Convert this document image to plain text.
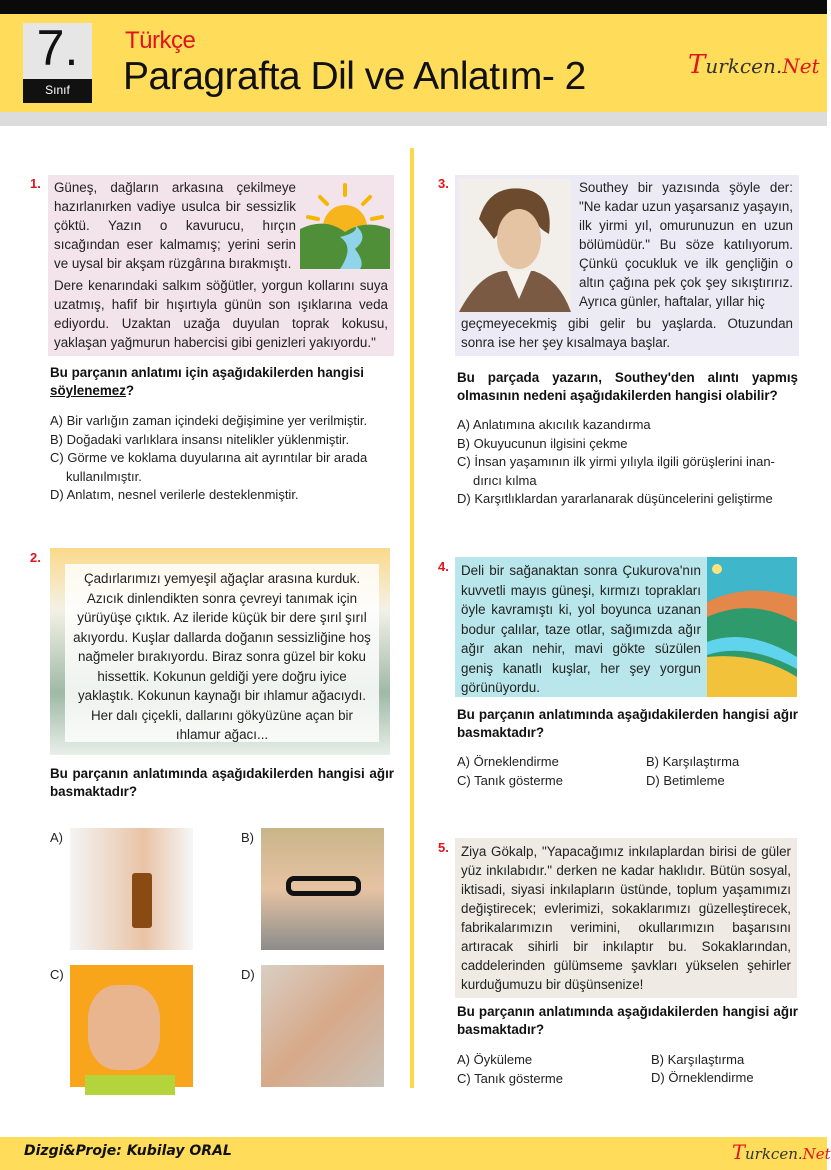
7.
Sınıf
Türkçe
Paragrafta Dil ve Anlatım- 2	Turkcen.Net
1. Güneş, dağların arkasına çekilmeye hazırlanırken vadiye usulca bir sessizlik çöktü. Yazın o kavurucu, hırçın sıcağından eser kalmamış; yerini serin ve uysal bir akşam rüzgârına bırakmıştı.
Dere kenarındaki salkım söğütler, yorgun kollarını suya uzatmış, hafif bir hışırtıyla günün son ışıklarına veda ediyordu. Uzaktan uzağa duyulan toprak kokusu, yaklaşan yağmurun habercisi gibi genizleri yakıyordu."
Bu parçanın anlatımı için aşağıdakilerden hangisi
söylenemez?
A) Bir varlığın zaman içindeki değişimine yer verilmiştir.
B) Doğadaki varlıklara insansı nitelikler yüklenmiştir.
C) Görme ve koklama duyularına ait ayrıntılar bir arada
kullanılmıştır.
D) Anlatım, nesnel verilerle desteklenmiştir.
2.
Çadırlarımızı yemyeşil ağaçlar arasına kurduk. Azıcık dinlendikten sonra çevreyi tanımak için yürüyüşe çıktık. Az ileride küçük bir dere şırıl şırıl akıyordu. Kuşlar dallarda doğanın sessizliğine hoş nağmeler bırakıyordu. Biraz sonra güzel bir koku hissettik. Kokunun geldiği yere doğru iyice yaklaştık. Kokunun kaynağı bir ıhlamur ağacıydı. Her dalı çiçekli, dallarını gökyüzüne açan bir ıhlamur ağacı...
Bu parçanın anlatımında aşağıdakilerden hangisi ağır basmaktadır?
A)	B)
C)	D)
3.	Southey bir yazısında şöyle der: "Ne kadar uzun yaşarsanız yaşayın, ilk yirmi yıl, omurunuzun en uzun bölümüdür." Bu söze katılıyorum. Çünkü çocukluk ve ilk gençliğin o altın çağına pek çok şey sıkıştırırız. Ayrıca günler, haftalar, yıllar hiç
geçmeyecekmiş gibi gelir bu yaşlarda. Otuzundan sonra ise her şey kısalmaya başlar.
Bu parçada yazarın, Southey'den alıntı yapmış olmasının nedeni aşağıdakilerden hangisi olabilir?
A) Anlatımına akıcılık kazandırma
B) Okuyucunun ilgisini çekme
C) İnsan yaşamının ilk yirmi yılıyla ilgili görüşlerini inan-
dırıcı kılma
D) Karşıtlıklardan yararlanarak düşüncelerini geliştirme
4. Deli bir sağanaktan sonra Çukurova'nın kuvvetli mayıs güneşi, kırmızı toprakları öyle kavramıştı ki, yol boyunca uzanan bodur çalılar, taze otlar, sağımızda ağır ağır akan nehir, mavi gökte süzülen geniş kanatlı kuşlar, her şey yorgun görünüyordu.
Bu parçanın anlatımında aşağıdakilerden hangisi ağır basmaktadır?
A) Örneklendirme	B) Karşılaştırma
C) Tanık gösterme	D) Betimleme
5. Ziya Gökalp, "Yapacağımız inkılaplardan birisi de güler yüz inkılabıdır." derken ne kadar haklıdır. Bütün sosyal, iktisadi, siyasi inkılapların üstünde, toplum yaşamımızı değiştirecek; evlerimizi, sokaklarımızı güzelleştirecek, fabrikalarımızın verimini, okullarımızın başarısını artıracak sihirli bir inkılaptır bu. Sokaklarından, caddelerinden gülümseme şavkları yükselen şehirler kurduğumuzu bir düşünsenize!
Bu parçanın anlatımında aşağıdakilerden hangisi ağır basmaktadır?
A) Öyküleme	B) Karşılaştırma
C) Tanık gösterme	D) Örneklendirme
Dizgi&Proje: Kubilay ORAL	Turkcen.Net
